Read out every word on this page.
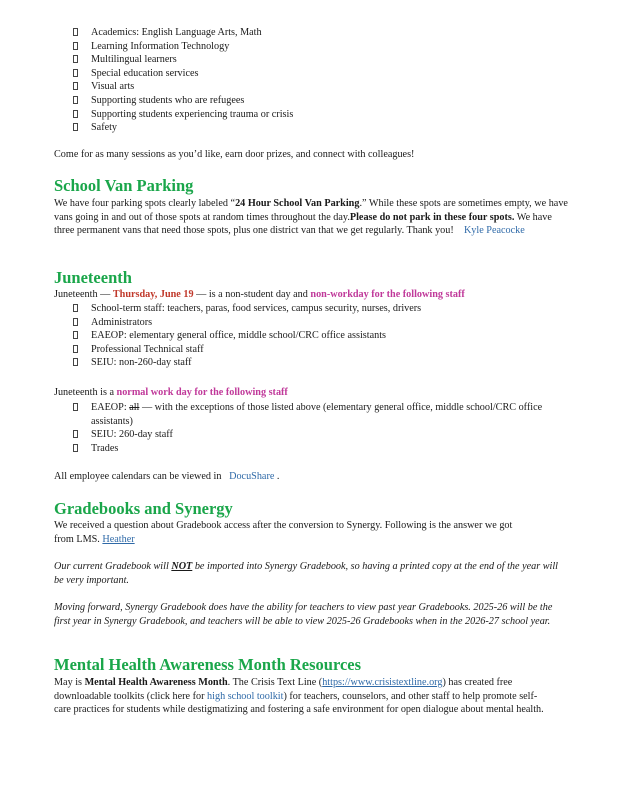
Academics: English Language Arts, Math
Learning Information Technology
Multilingual learners
Special education services
Visual arts
Supporting students who are refugees
Supporting students experiencing trauma or crisis
Safety
Come for as many sessions as you’d like, earn door prizes, and connect with colleagues!
School Van Parking
We have four parking spots clearly labeled “24 Hour School Van Parking.” While these spots are sometimes empty, we have vans going in and out of those spots at random times throughout the day.Please do not park in these four spots. We have three permanent vans that need those spots, plus one district van that we get regularly. Thank you! Kyle Peacocke
Juneteenth
Juneteenth — Thursday, June 19 — is a non-student day and non-workday for the following staff
School-term staff: teachers, paras, food services, campus security, nurses, drivers
Administrators
EAEOP: elementary general office, middle school/CRC office assistants
Professional Technical staff
SEIU: non-260-day staff
Juneteenth is a normal work day for the following staff
EAEOP: all — with the exceptions of those listed above (elementary general office, middle school/CRC office assistants)
SEIU: 260-day staff
Trades
All employee calendars can be viewed in   DocuShare .
Gradebooks and Synergy
We received a question about Gradebook access after the conversion to Synergy. Following is the answer we got from LMS. Heather
Our current Gradebook will NOT be imported into Synergy Gradebook, so having a printed copy at the end of the year will be very important.
Moving forward, Synergy Gradebook does have the ability for teachers to view past year Gradebooks. 2025-26 will be the first year in Synergy Gradebook, and teachers will be able to view 2025-26 Gradebooks when in the 2026-27 school year.
Mental Health Awareness Month Resources
May is Mental Health Awareness Month. The Crisis Text Line (https://www.crisistextline.org) has created free downloadable toolkits (click here for high school toolkit) for teachers, counselors, and other staff to help promote self-care practices for students while destigmatizing and fostering a safe environment for open dialogue about mental health.
